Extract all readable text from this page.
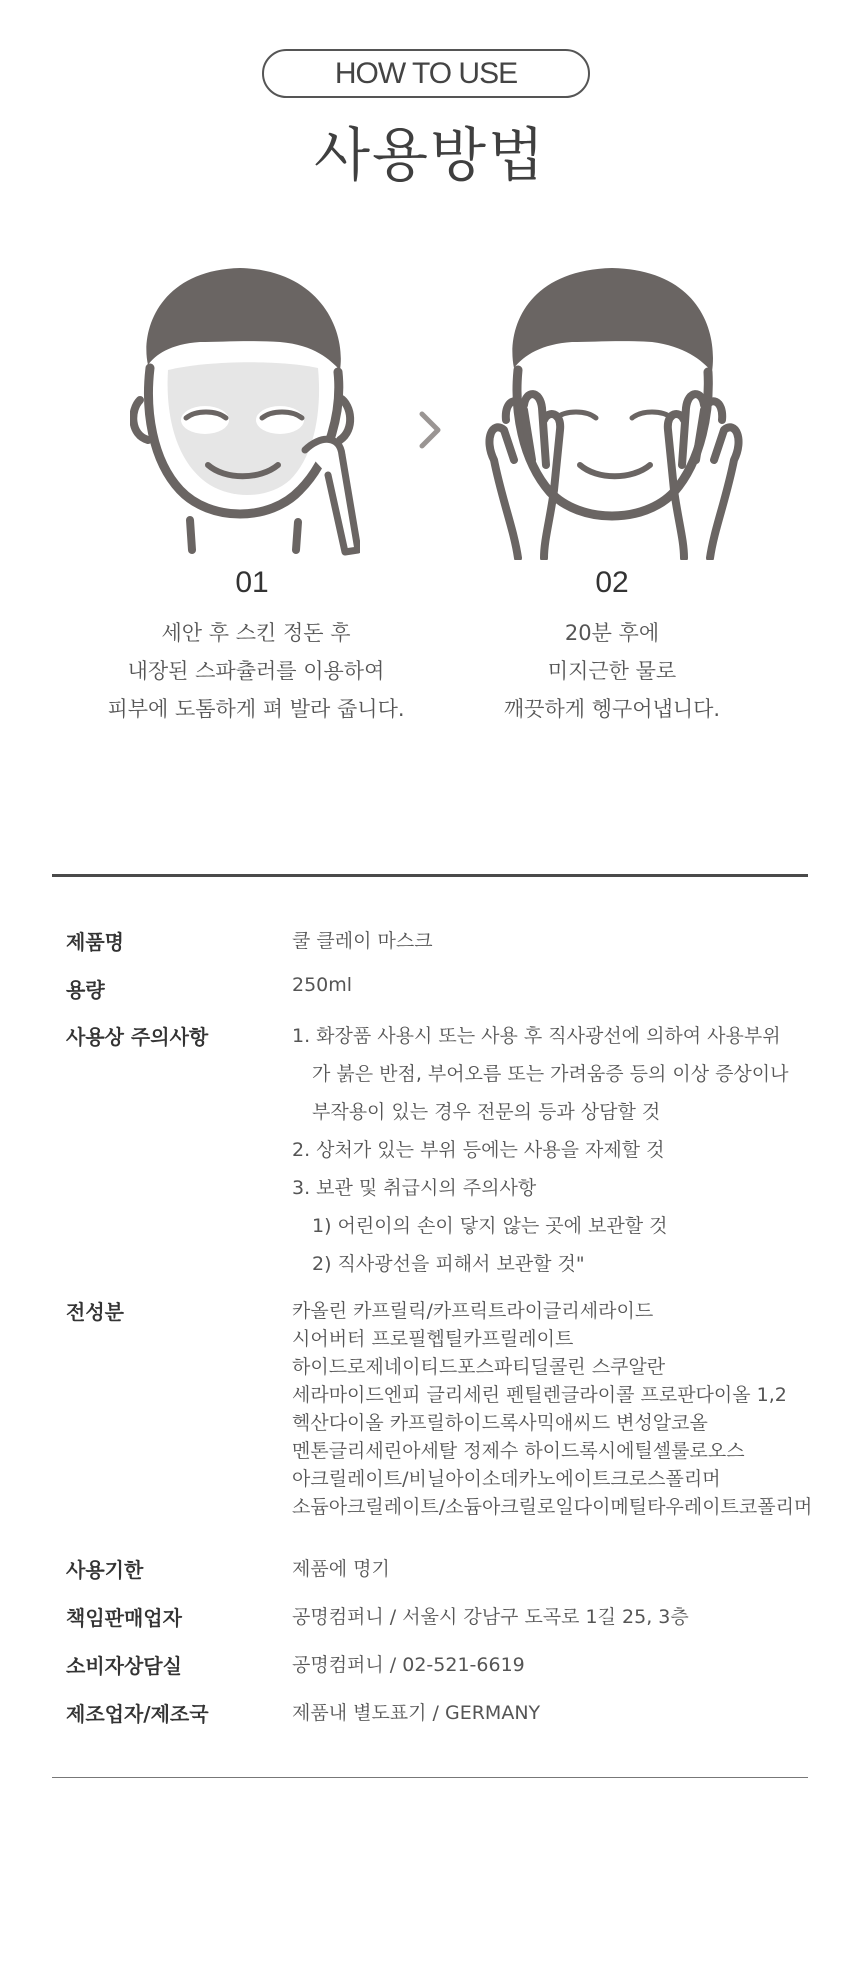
HOW TO USE
사용방법
01
세안 후 스킨 정돈 후
내장된 스파츌러를 이용하여
피부에 도톰하게 펴 발라 줍니다.
02
20분 후에
미지근한 물로
깨끗하게 헹구어냅니다.
제품명	쿨 클레이 마스크
용량	250ml
사용상 주의사항	1. 화장품 사용시 또는 사용 후 직사광선에 의하여 사용부위
가 붉은 반점, 부어오름 또는 가려움증 등의 이상 증상이나
부작용이 있는 경우 전문의 등과 상담할 것
2. 상처가 있는 부위 등에는 사용을 자제할 것
3. 보관 및 취급시의 주의사항
1) 어린이의 손이 닿지 않는 곳에 보관할 것
2) 직사광선을 피해서 보관할 것"
전성분	카올린 카프릴릭/카프릭트라이글리세라이드
시어버터 프로필헵틸카프릴레이트
하이드로제네이티드포스파티딜콜린 스쿠알란
세라마이드엔피 글리세린 펜틸렌글라이콜 프로판다이올 1,2
헥산다이올 카프릴하이드록사믹애씨드 변성알코올
멘톤글리세린아세탈 정제수 하이드록시에틸셀룰로오스
아크릴레이트/비닐아이소데카노에이트크로스폴리머
소듐아크릴레이트/소듐아크릴로일다이메틸타우레이트코폴리머
사용기한	제품에 명기
책임판매업자	공명컴퍼니 / 서울시 강남구 도곡로 1길 25, 3층
소비자상담실	공명컴퍼니 / 02-521-6619
제조업자/제조국	제품내 별도표기 / GERMANY
